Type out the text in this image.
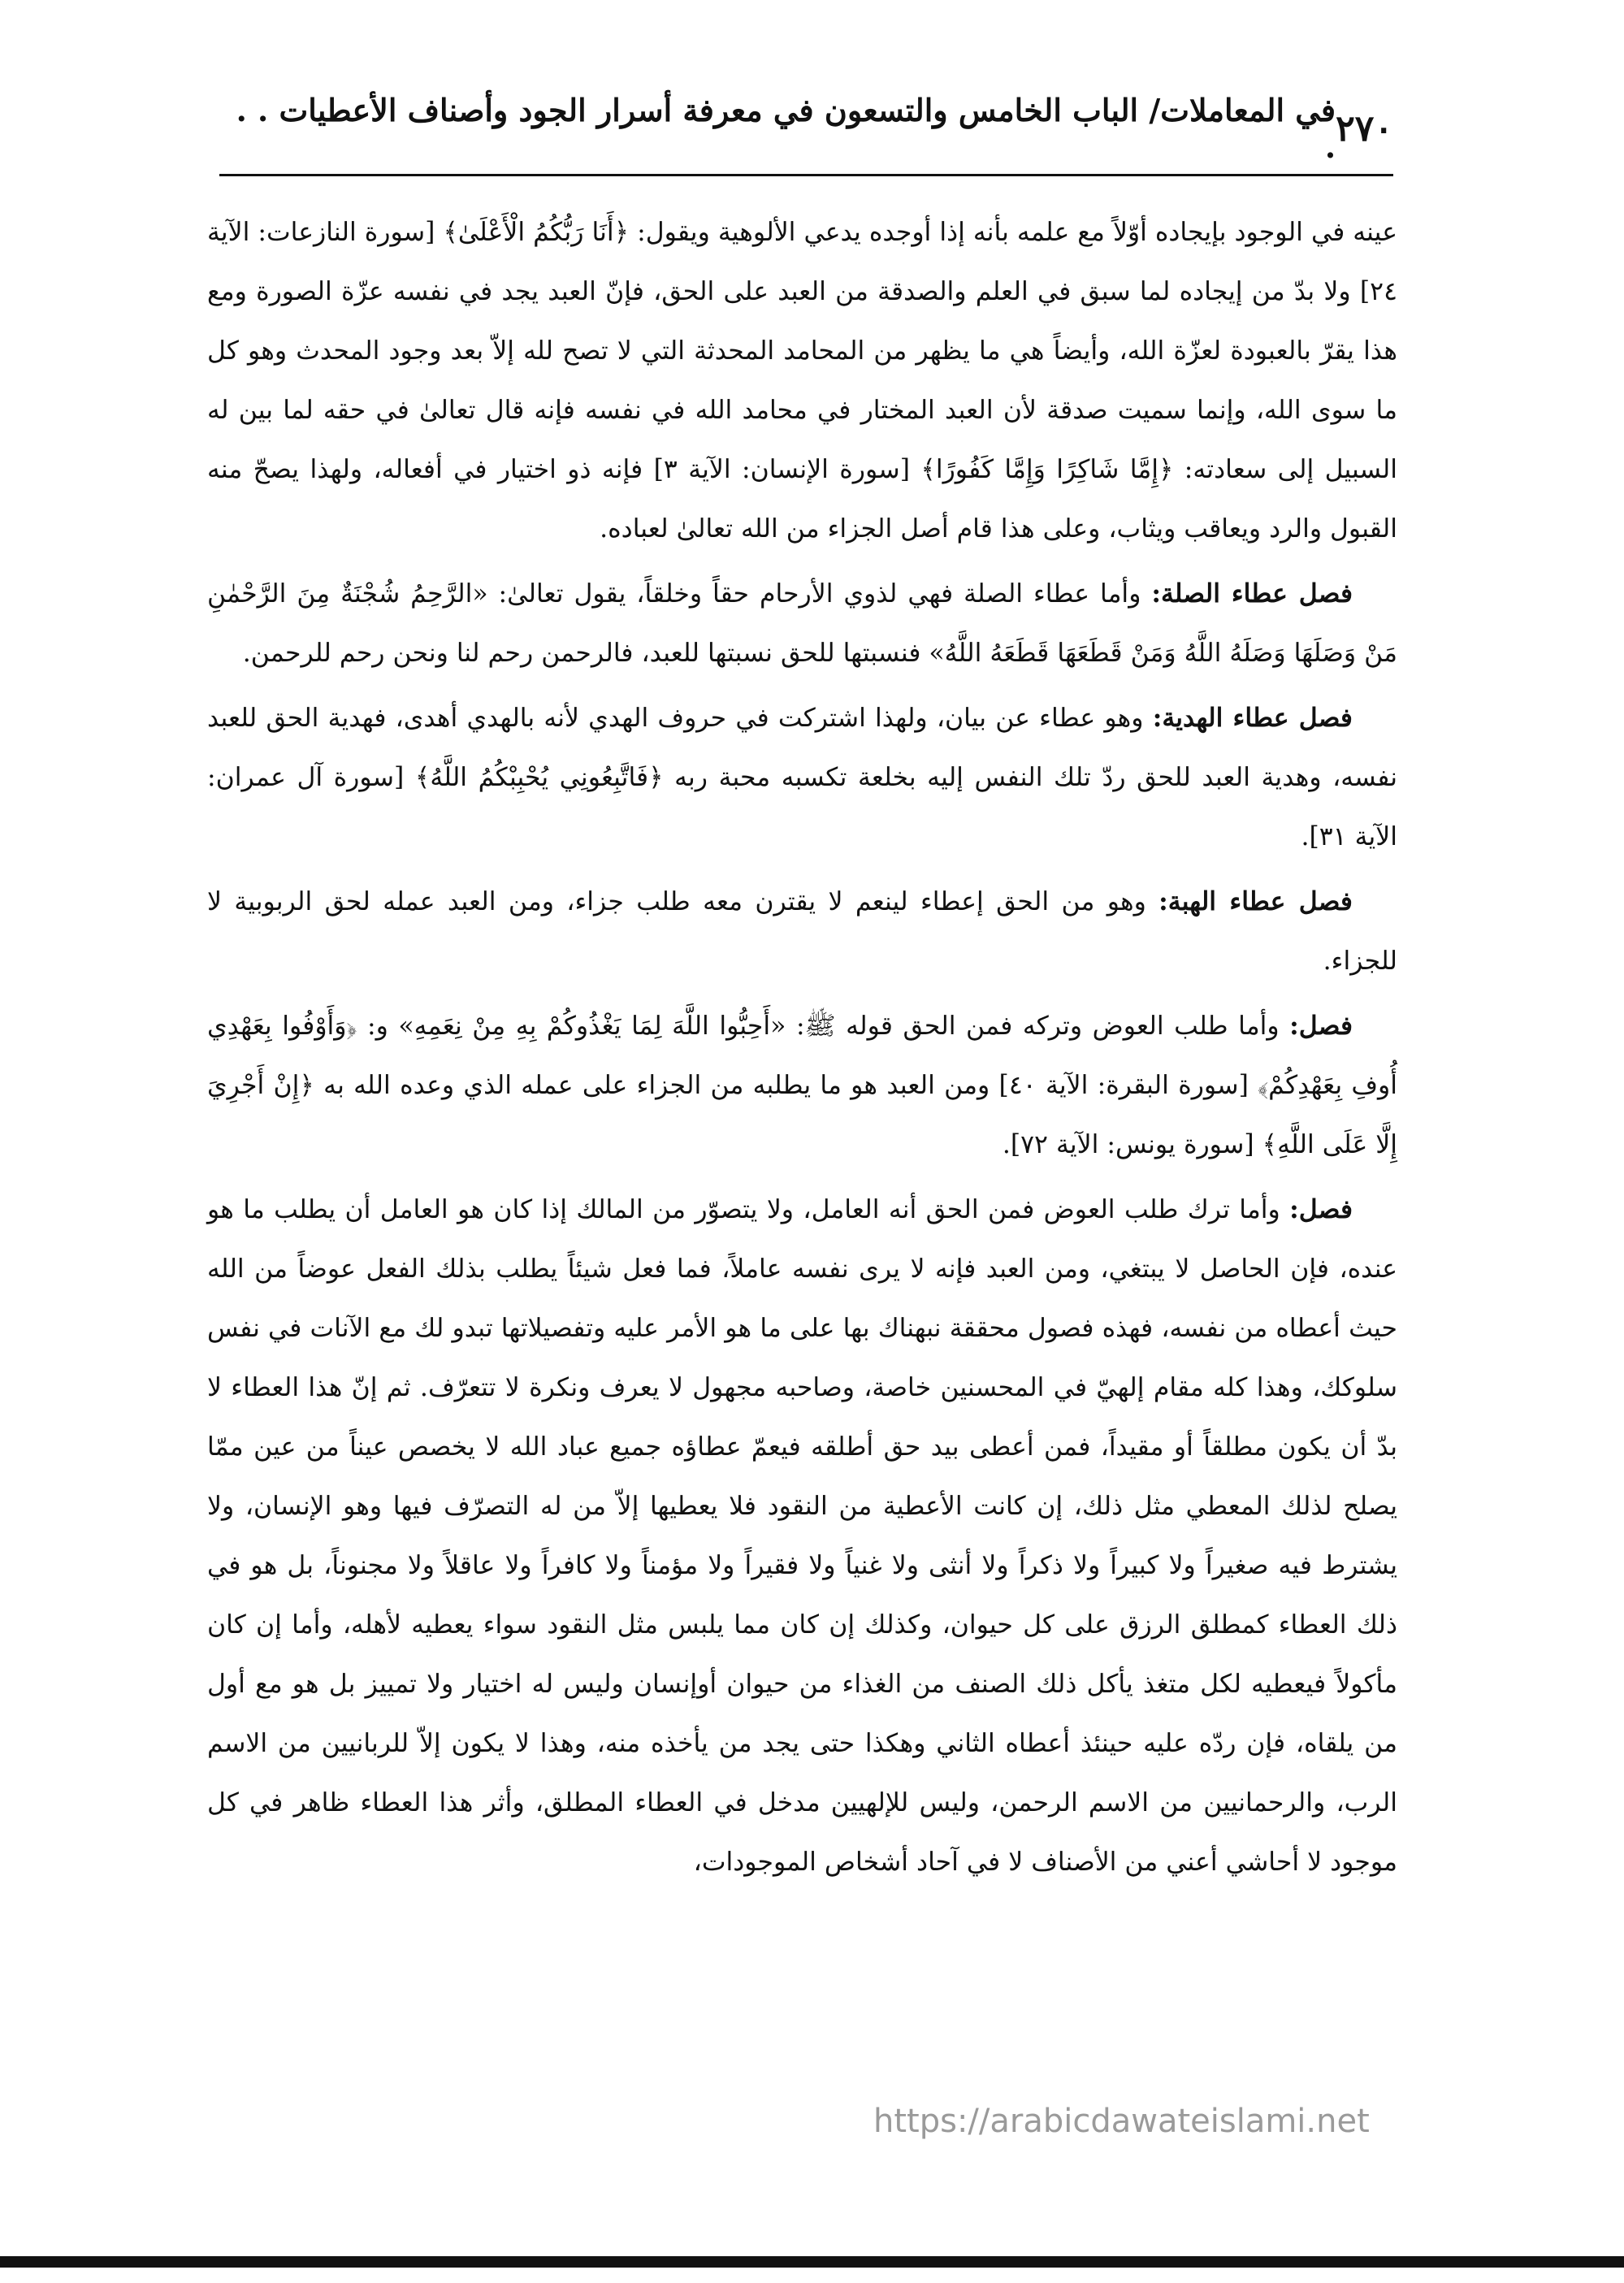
٢٧٠
في المعاملات/ الباب الخامس والتسعون في معرفة أسرار الجود وأصناف الأعطيات . . .

عينه في الوجود بإيجاده أوّلاً مع علمه بأنه إذا أوجده يدعي الألوهية ويقول: ﴿أَنَا رَبُّكُمُ الْأَعْلَىٰ﴾ [سورة النازعات: الآية ٢٤] ولا بدّ من إيجاده لما سبق في العلم والصدقة من العبد على الحق، فإنّ العبد يجد في نفسه عزّة الصورة ومع هذا يقرّ بالعبودة لعزّة الله، وأيضاً هي ما يظهر من المحامد المحدثة التي لا تصح لله إلاّ بعد وجود المحدث وهو كل ما سوى الله، وإنما سميت صدقة لأن العبد المختار في محامد الله في نفسه فإنه قال تعالىٰ في حقه لما بين له السبيل إلى سعادته: ﴿إِمَّا شَاكِرًا وَإِمَّا كَفُورًا﴾ [سورة الإنسان: الآية ٣] فإنه ذو اختيار في أفعاله، ولهذا يصحّ منه القبول والرد ويعاقب ويثاب، وعلى هذا قام أصل الجزاء من الله تعالىٰ لعباده.

فصل عطاء الصلة: وأما عطاء الصلة فهي لذوي الأرحام حقاً وخلقاً، يقول تعالىٰ: «الرَّحِمُ شُجْنَةٌ مِنَ الرَّحْمٰنِ مَنْ وَصَلَهَا وَصَلَهُ اللَّهُ وَمَنْ قَطَعَهَا قَطَعَهُ اللَّهُ» فنسبتها للحق نسبتها للعبد، فالرحمن رحم لنا ونحن رحم للرحمن.

فصل عطاء الهدية: وهو عطاء عن بيان، ولهذا اشتركت في حروف الهدي لأنه بالهدي أهدى، فهدية الحق للعبد نفسه، وهدية العبد للحق ردّ تلك النفس إليه بخلعة تكسبه محبة ربه ﴿فَاتَّبِعُونِي يُحْبِبْكُمُ اللَّهُ﴾ [سورة آل عمران: الآية ٣١].

فصل عطاء الهبة: وهو من الحق إعطاء لينعم لا يقترن معه طلب جزاء، ومن العبد عمله لحق الربوبية لا للجزاء.

فصل: وأما طلب العوض وتركه فمن الحق قوله ﷺ: «أَحِبُّوا اللَّهَ لِمَا يَغْذُوكُمْ بِهِ مِنْ نِعَمِهِ» و: ﴿وَأَوْفُوا بِعَهْدِي أُوفِ بِعَهْدِكُمْ﴾ [سورة البقرة: الآية ٤٠] ومن العبد هو ما يطلبه من الجزاء على عمله الذي وعده الله به ﴿إِنْ أَجْرِيَ إِلَّا عَلَى اللَّهِ﴾ [سورة يونس: الآية ٧٢].

فصل: وأما ترك طلب العوض فمن الحق أنه العامل، ولا يتصوّر من المالك إذا كان هو العامل أن يطلب ما هو عنده، فإن الحاصل لا يبتغي، ومن العبد فإنه لا يرى نفسه عاملاً، فما فعل شيئاً يطلب بذلك الفعل عوضاً من الله حيث أعطاه من نفسه، فهذه فصول محققة نبهناك بها على ما هو الأمر عليه وتفصيلاتها تبدو لك مع الآنات في نفس سلوكك، وهذا كله مقام إلهيّ في المحسنين خاصة، وصاحبه مجهول لا يعرف ونكرة لا تتعرّف. ثم إنّ هذا العطاء لا بدّ أن يكون مطلقاً أو مقيداً، فمن أعطى بيد حق أطلقه فيعمّ عطاؤه جميع عباد الله لا يخصص عيناً من عين ممّا يصلح لذلك المعطي مثل ذلك، إن كانت الأعطية من النقود فلا يعطيها إلاّ من له التصرّف فيها وهو الإنسان، ولا يشترط فيه صغيراً ولا كبيراً ولا ذكراً ولا أنثى ولا غنياً ولا فقيراً ولا مؤمناً ولا كافراً ولا عاقلاً ولا مجنوناً، بل هو في ذلك العطاء كمطلق الرزق على كل حيوان، وكذلك إن كان مما يلبس مثل النقود سواء يعطيه لأهله، وأما إن كان مأكولاً فيعطيه لكل متغذ يأكل ذلك الصنف من الغذاء من حيوان أوإنسان وليس له اختيار ولا تمييز بل هو مع أول من يلقاه، فإن ردّه عليه حينئذ أعطاه الثاني وهكذا حتى يجد من يأخذه منه، وهذا لا يكون إلاّ للربانيين من الاسم الرب، والرحمانيين من الاسم الرحمن، وليس للإلهيين مدخل في العطاء المطلق، وأثر هذا العطاء ظاهر في كل موجود لا أحاشي أعني من الأصناف لا في آحاد أشخاص الموجودات،

https://arabicdawateislami.net
